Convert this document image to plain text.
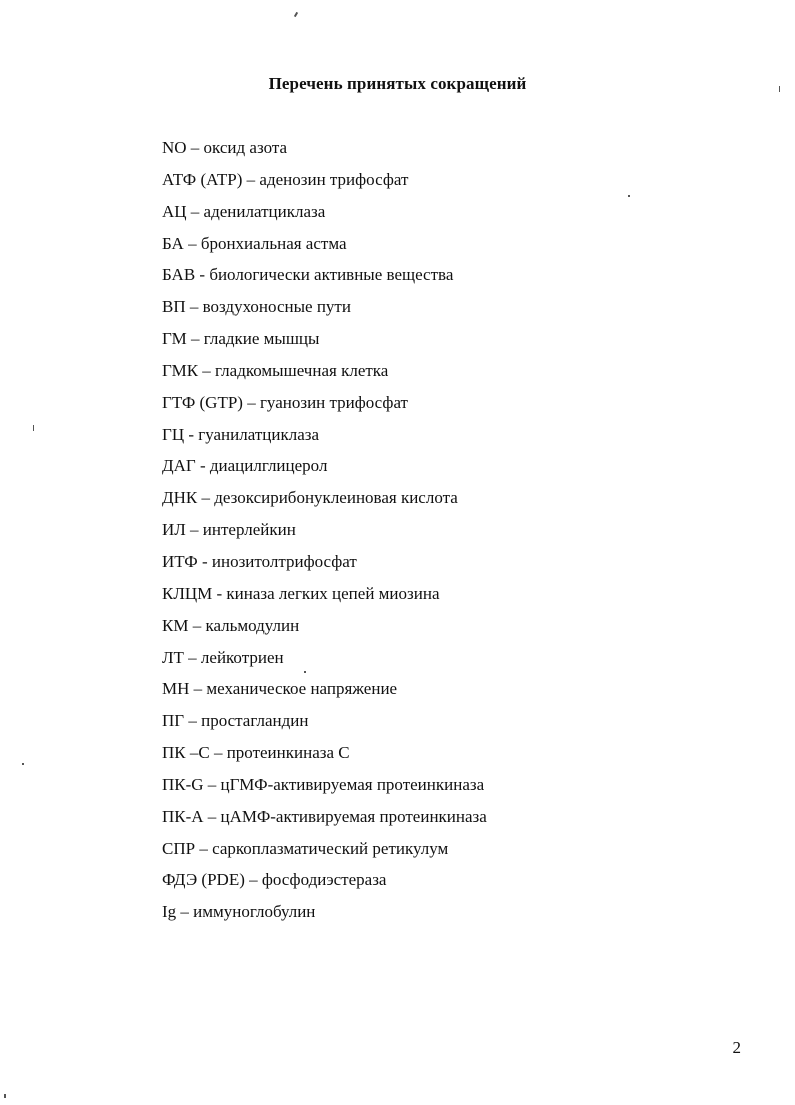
Перечень принятых сокращений
NO – оксид азота
АТФ (АТР) – аденозин трифосфат
АЦ – аденилатциклаза
БА – бронхиальная астма
БАВ - биологически активные вещества
ВП – воздухоносные пути
ГМ – гладкие мышцы
ГМК – гладкомышечная клетка
ГТФ (GTP) – гуанозин трифосфат
ГЦ - гуанилатциклаза
ДАГ - диацилглицерол
ДНК – дезоксирибонуклеиновая кислота
ИЛ – интерлейкин
ИТФ - инозитолтрифосфат
КЛЦМ - киназа легких цепей миозина
КМ – кальмодулин
ЛТ – лейкотриен
МН – механическое напряжение
ПГ – простагландин
ПК –С – протеинкиназа С
ПК-G – цГМФ-активируемая протеинкиназа
ПК-А – цАМФ-активируемая протеинкиназа
СПР – саркоплазматический ретикулум
ФДЭ (PDE) – фосфодиэстераза
Ig – иммуноглобулин
2
